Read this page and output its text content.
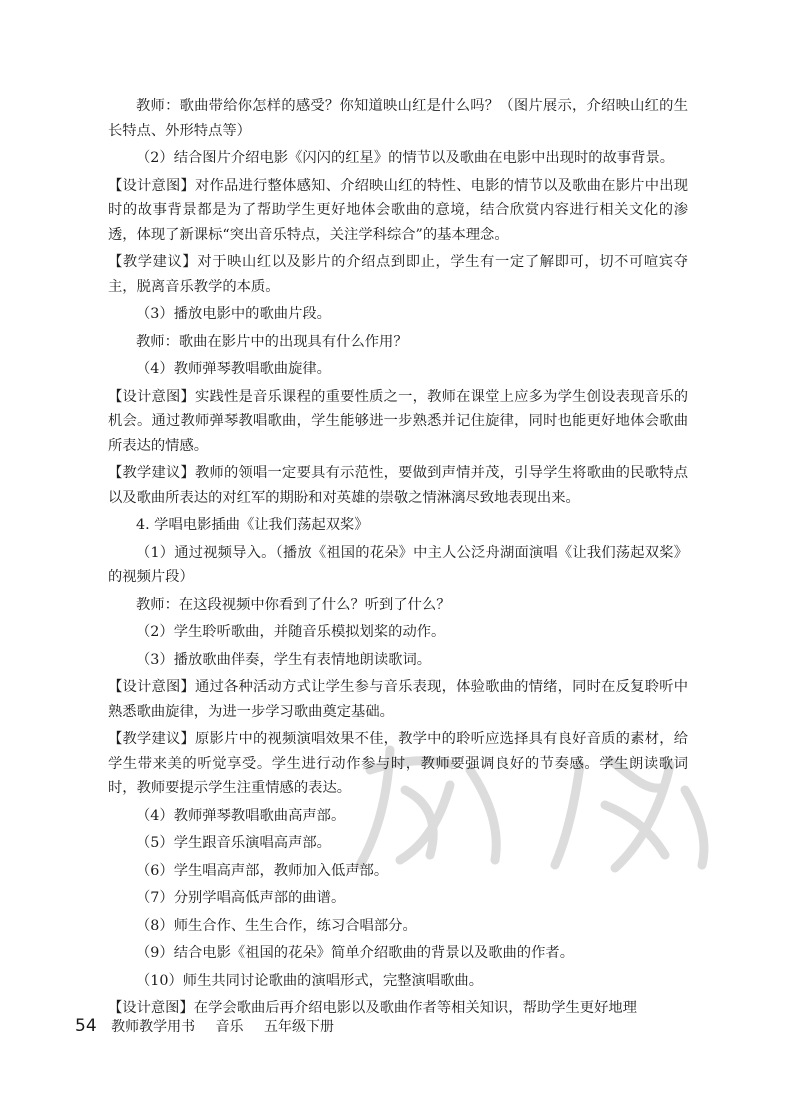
教师：歌曲带给你怎样的感受？你知道映山红是什么吗？（图片展示，介绍映山红的生长特点、外形特点等）

（2）结合图片介绍电影《闪闪的红星》的情节以及歌曲在电影中出现时的故事背景。

【设计意图】对作品进行整体感知、介绍映山红的特性、电影的情节以及歌曲在影片中出现时的故事背景都是为了帮助学生更好地体会歌曲的意境，结合欣赏内容进行相关文化的渗透，体现了新课标“突出音乐特点，关注学科综合”的基本理念。

【教学建议】对于映山红以及影片的介绍点到即止，学生有一定了解即可，切不可喧宾夺主，脱离音乐教学的本质。

（3）播放电影中的歌曲片段。

教师：歌曲在影片中的出现具有什么作用？

（4）教师弹琴教唱歌曲旋律。

【设计意图】实践性是音乐课程的重要性质之一，教师在课堂上应多为学生创设表现音乐的机会。通过教师弹琴教唱歌曲，学生能够进一步熟悉并记住旋律，同时也能更好地体会歌曲所表达的情感。

【教学建议】教师的领唱一定要具有示范性，要做到声情并茂，引导学生将歌曲的民歌特点以及歌曲所表达的对红军的期盼和对英雄的崇敬之情淋漓尽致地表现出来。

4. 学唱电影插曲《让我们荡起双桨》

（1）通过视频导入。（播放《祖国的花朵》中主人公泛舟湖面演唱《让我们荡起双桨》的视频片段）

教师：在这段视频中你看到了什么？听到了什么？

（2）学生聆听歌曲，并随音乐模拟划桨的动作。

（3）播放歌曲伴奏，学生有表情地朗读歌词。

【设计意图】通过各种活动方式让学生参与音乐表现，体验歌曲的情绪，同时在反复聆听中熟悉歌曲旋律，为进一步学习歌曲奠定基础。

【教学建议】原影片中的视频演唱效果不佳，教学中的聆听应选择具有良好音质的素材，给学生带来美的听觉享受。学生进行动作参与时，教师要强调良好的节奏感。学生朗读歌词时，教师要提示学生注重情感的表达。

（4）教师弹琴教唱歌曲高声部。

（5）学生跟音乐演唱高声部。

（6）学生唱高声部，教师加入低声部。

（7）分别学唱高低声部的曲谱。

（8）师生合作、生生合作，练习合唱部分。

（9）结合电影《祖国的花朵》简单介绍歌曲的背景以及歌曲的作者。

（10）师生共同讨论歌曲的演唱形式，完整演唱歌曲。

【设计意图】在学会歌曲后再介绍电影以及歌曲作者等相关知识，帮助学生更好地理

54 教师教学用书 音乐 五年级下册
